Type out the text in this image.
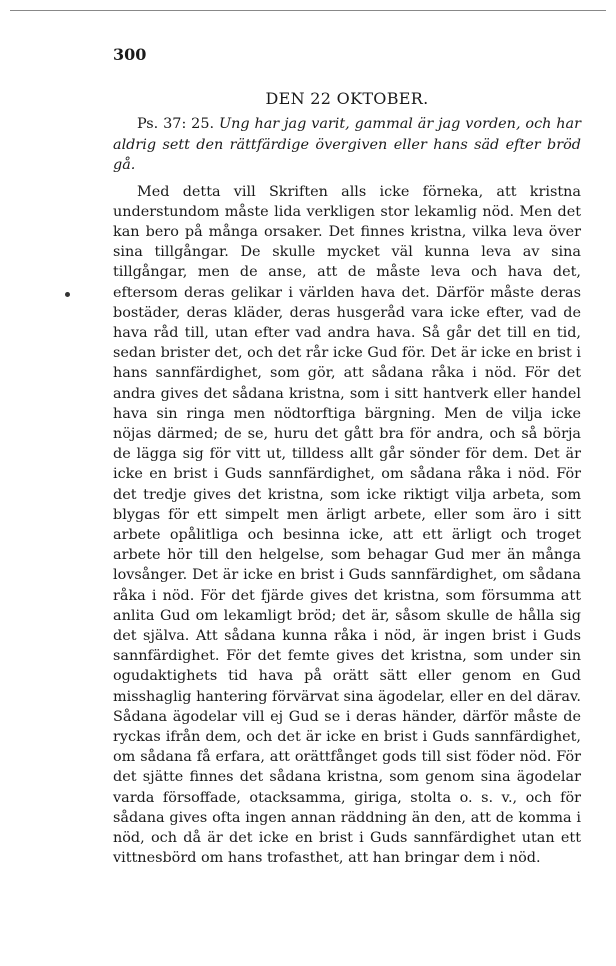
300
DEN 22 OKTOBER.

Ps. 37: 25. Ung har jag varit, gammal är jag vorden, och har aldrig sett den rättfärdige övergiven eller hans säd efter bröd gå.

Med detta vill Skriften alls icke förneka, att kristna understundom måste lida verkligen stor lekamlig nöd. Men det kan bero på många orsaker. Det finnes kristna, vilka leva över sina tillgångar. De skulle mycket väl kunna leva av sina tillgångar, men de anse, att de måste leva och hava det, eftersom deras gelikar i världen hava det. Därför måste deras bostäder, deras kläder, deras husgeråd vara icke efter, vad de hava råd till, utan efter vad andra hava. Så går det till en tid, sedan brister det, och det rår icke Gud för. Det är icke en brist i hans sannfärdighet, som gör, att sådana råka i nöd. För det andra gives det sådana kristna, som i sitt hantverk eller handel hava sin ringa men nödtorftiga bärgning. Men de vilja icke nöjas därmed; de se, huru det gått bra för andra, och så börja de lägga sig för vitt ut, tilldess allt går sönder för dem. Det är icke en brist i Guds sannfärdighet, om sådana råka i nöd. För det tredje gives det kristna, som icke riktigt vilja arbeta, som blygas för ett simpelt men ärligt arbete, eller som äro i sitt arbete opålitliga och besinna icke, att ett ärligt och troget arbete hör till den helgelse, som behagar Gud mer än många lovsånger. Det är icke en brist i Guds sannfärdighet, om sådana råka i nöd. För det fjärde gives det kristna, som försumma att anlita Gud om lekamligt bröd; det är, såsom skulle de hålla sig det själva. Att sådana kunna råka i nöd, är ingen brist i Guds sannfärdighet. För det femte gives det kristna, som under sin ogudaktighets tid hava på orätt sätt eller genom en Gud misshaglig hantering förvärvat sina ägodelar, eller en del därav. Sådana ägodelar vill ej Gud se i deras händer, därför måste de ryckas ifrån dem, och det är icke en brist i Guds sannfärdighet, om sådana få erfara, att orättfånget gods till sist föder nöd. För det sjätte finnes det sådana kristna, som genom sina ägodelar varda försoffade, otacksamma, giriga, stolta o. s. v., och för sådana gives ofta ingen annan räddning än den, att de komma i nöd, och då är det icke en brist i Guds sannfärdighet utan ett vittnesbörd om hans trofasthet, att han bringar dem i nöd.
